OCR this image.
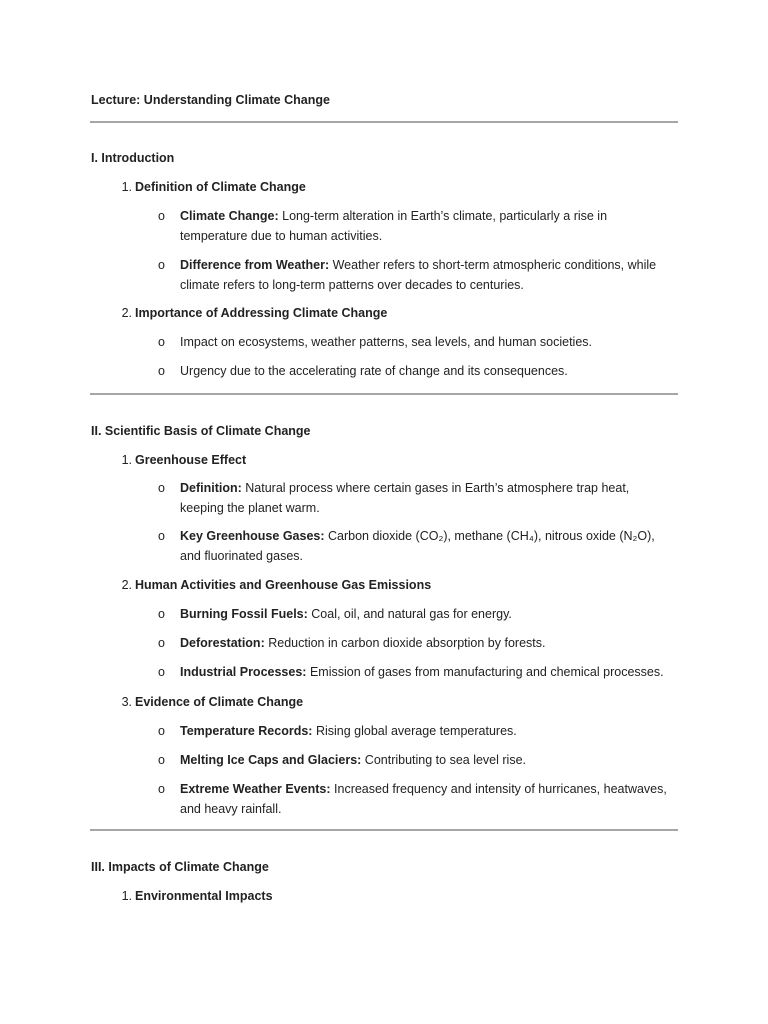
Lecture: Understanding Climate Change
I. Introduction
1. Definition of Climate Change
o Climate Change: Long-term alteration in Earth’s climate, particularly a rise in temperature due to human activities.
o Difference from Weather: Weather refers to short-term atmospheric conditions, while climate refers to long-term patterns over decades to centuries.
2. Importance of Addressing Climate Change
o Impact on ecosystems, weather patterns, sea levels, and human societies.
o Urgency due to the accelerating rate of change and its consequences.
II. Scientific Basis of Climate Change
1. Greenhouse Effect
o Definition: Natural process where certain gases in Earth’s atmosphere trap heat, keeping the planet warm.
o Key Greenhouse Gases: Carbon dioxide (CO₂), methane (CH₄), nitrous oxide (N₂O), and fluorinated gases.
2. Human Activities and Greenhouse Gas Emissions
o Burning Fossil Fuels: Coal, oil, and natural gas for energy.
o Deforestation: Reduction in carbon dioxide absorption by forests.
o Industrial Processes: Emission of gases from manufacturing and chemical processes.
3. Evidence of Climate Change
o Temperature Records: Rising global average temperatures.
o Melting Ice Caps and Glaciers: Contributing to sea level rise.
o Extreme Weather Events: Increased frequency and intensity of hurricanes, heatwaves, and heavy rainfall.
III. Impacts of Climate Change
1. Environmental Impacts
